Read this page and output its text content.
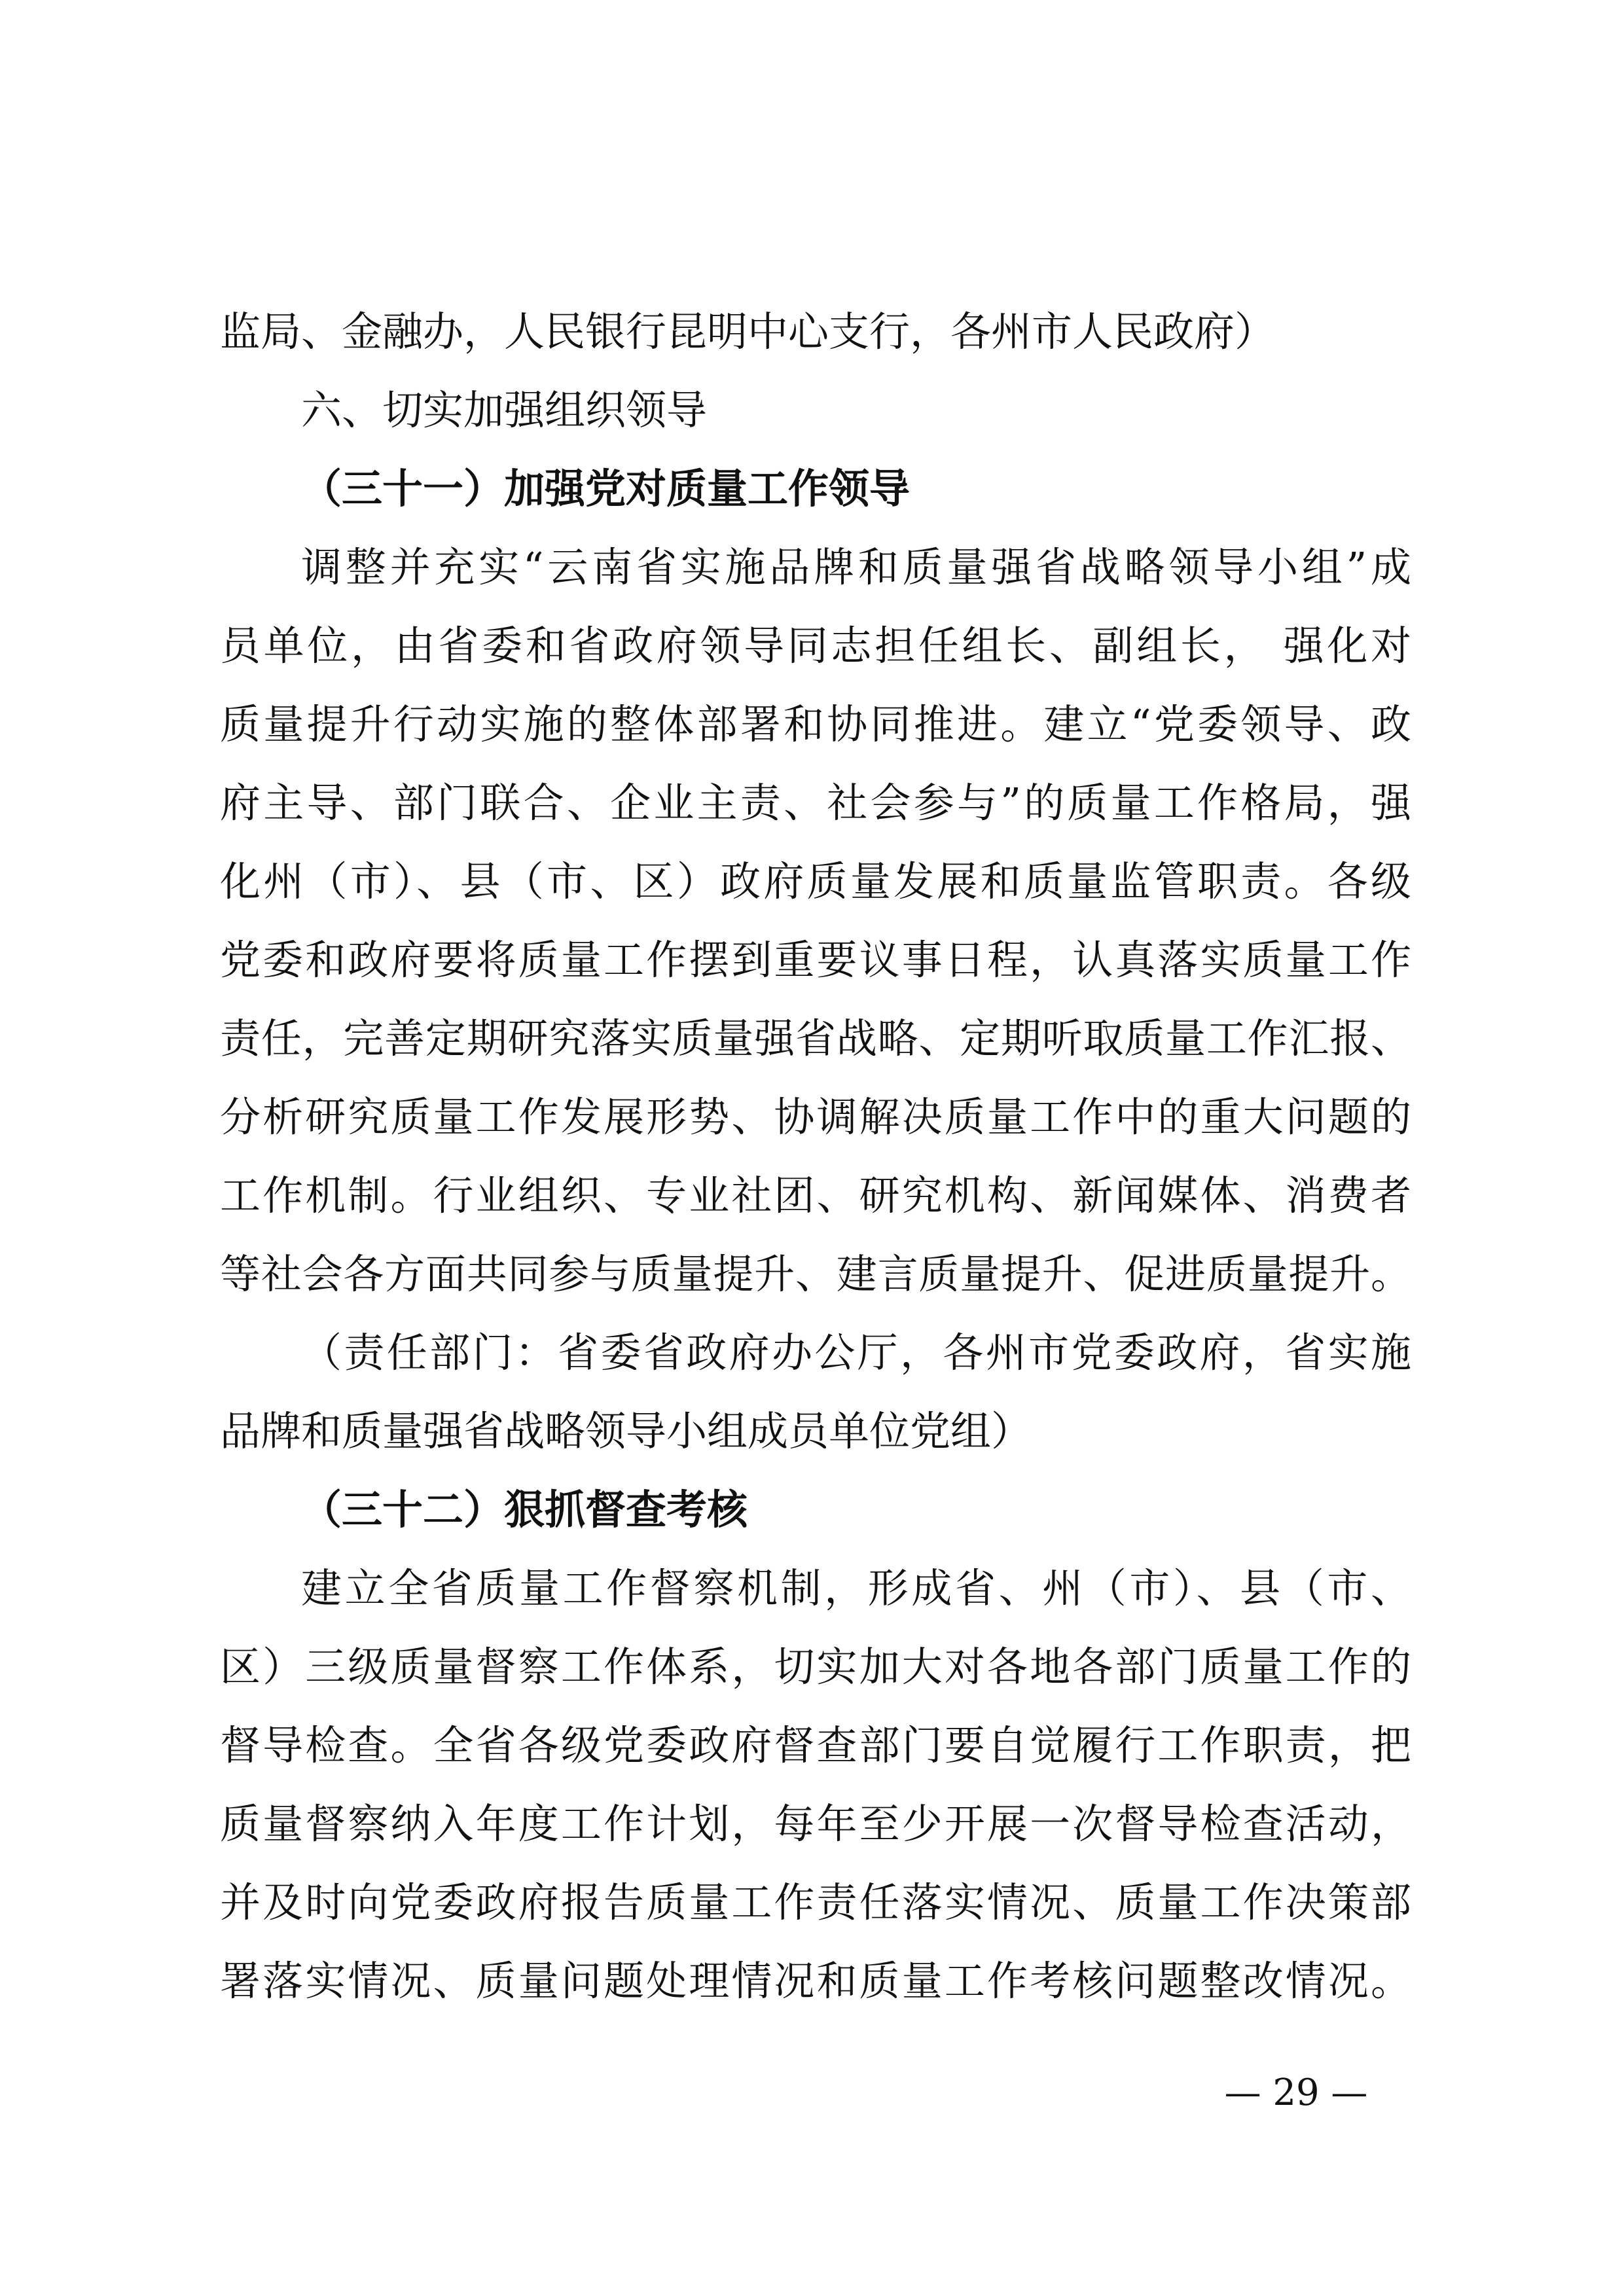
监局、金融办，人民银行昆明中心支行，各州市人民政府）
六、切实加强组织领导
（三十一）加强党对质量工作领导
调整并充实“云南省实施品牌和质量强省战略领导小组”成
员单位，由省委和省政府领导同志担任组长、副组长， 强化对
质量提升行动实施的整体部署和协同推进。建立“党委领导、政
府主导、部门联合、企业主责、社会参与”的质量工作格局，强
化州（市）、县（市、区）政府质量发展和质量监管职责。各级
党委和政府要将质量工作摆到重要议事日程，认真落实质量工作
责任，完善定期研究落实质量强省战略、定期听取质量工作汇报、
分析研究质量工作发展形势、协调解决质量工作中的重大问题的
工作机制。行业组织、专业社团、研究机构、新闻媒体、消费者
等社会各方面共同参与质量提升、建言质量提升、促进质量提升。
（责任部门：省委省政府办公厅，各州市党委政府，省实施
品牌和质量强省战略领导小组成员单位党组）
（三十二）狠抓督查考核
建立全省质量工作督察机制，形成省、州（市）、县（市、
区）三级质量督察工作体系，切实加大对各地各部门质量工作的
督导检查。全省各级党委政府督查部门要自觉履行工作职责，把
质量督察纳入年度工作计划，每年至少开展一次督导检查活动，
并及时向党委政府报告质量工作责任落实情况、质量工作决策部
署落实情况、质量问题处理情况和质量工作考核问题整改情况。
— 29 —
